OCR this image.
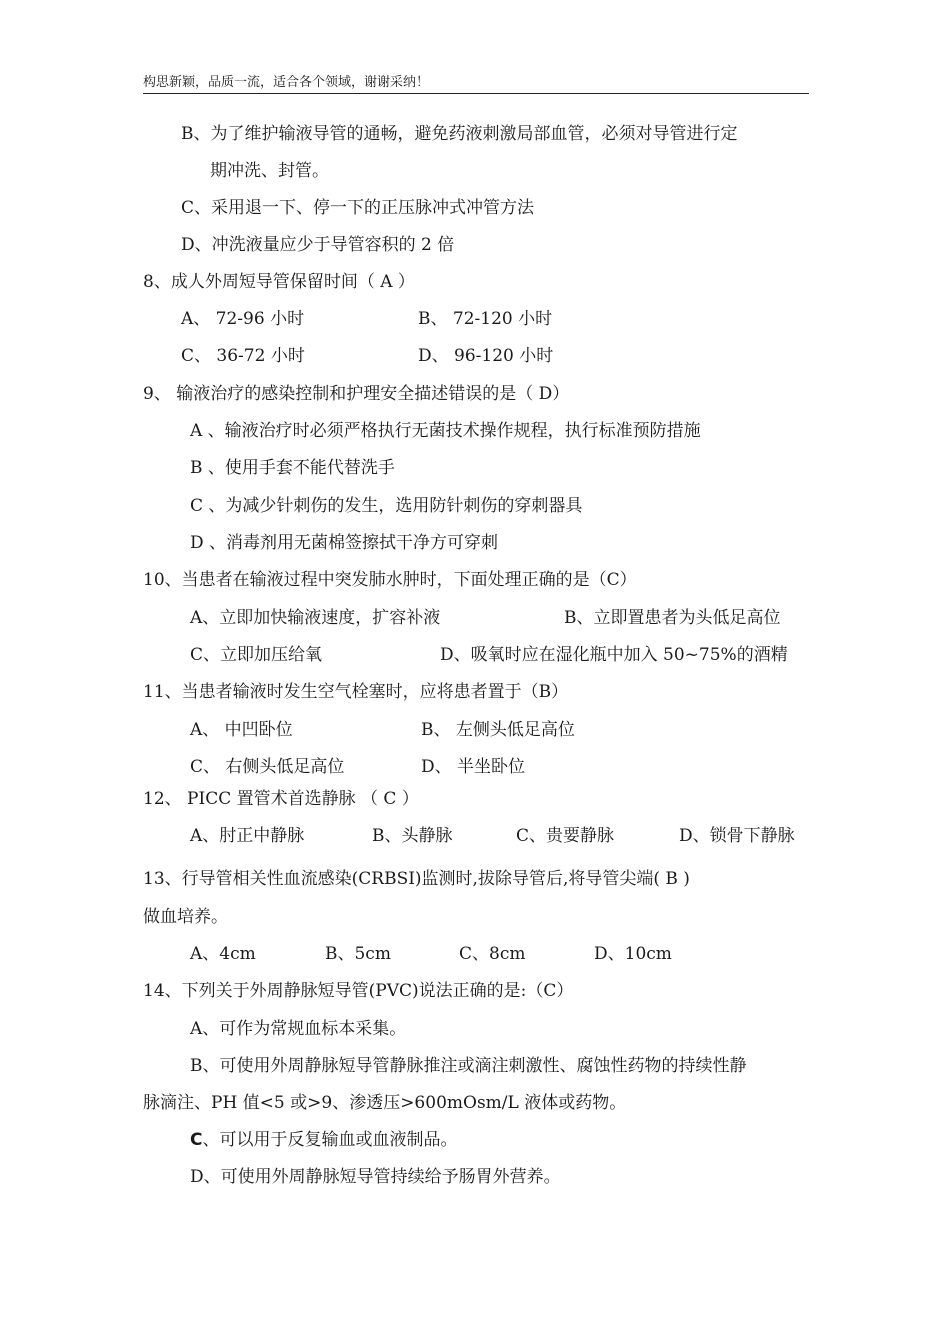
构思新颖，品质一流，适合各个领域，谢谢采纳！
B、为了维护输液导管的通畅，避免药液刺激局部血管，必须对导管进行定
期冲洗、封管。
C、采用退一下、停一下的正压脉冲式冲管方法
D、冲洗液量应少于导管容积的 2 倍
8、成人外周短导管保留时间（ A ）
A、 72-96 小时	B、 72-120 小时
C、 36-72 小时	D、 96-120 小时
9、 输液治疗的感染控制和护理安全描述错误的是（ D）
A 、输液治疗时必须严格执行无菌技术操作规程，执行标准预防措施
B 、使用手套不能代替洗手
C 、为减少针刺伤的发生，选用防针刺伤的穿刺器具
D 、消毒剂用无菌棉签擦拭干净方可穿刺
10、当患者在输液过程中突发肺水肿时，下面处理正确的是（C）
A、立即加快输液速度，扩容补液	B、立即置患者为头低足高位
C、立即加压给氧	D、吸氧时应在湿化瓶中加入 50~75%的酒精
11、当患者输液时发生空气栓塞时，应将患者置于（B）
A、 中凹卧位	B、 左侧头低足高位
C、 右侧头低足高位	D、 半坐卧位
12、 PICC 置管术首选静脉 （ C ）
A、肘正中静脉	B、头静脉	C、贵要静脉	D、锁骨下静脉
13、行导管相关性血流感染(CRBSI)监测时,拔除导管后,将导管尖端( B )
做血培养。
A、4cm	B、5cm	C、8cm	D、10cm
14、下列关于外周静脉短导管(PVC)说法正确的是:（C）
A、可作为常规血标本采集。
B、可使用外周静脉短导管静脉推注或滴注刺激性、腐蚀性药物的持续性静
脉滴注、PH 值<5 或>9、渗透压>600mOsm/L 液体或药物。
C、可以用于反复输血或血液制品。
D、可使用外周静脉短导管持续给予肠胃外营养。
